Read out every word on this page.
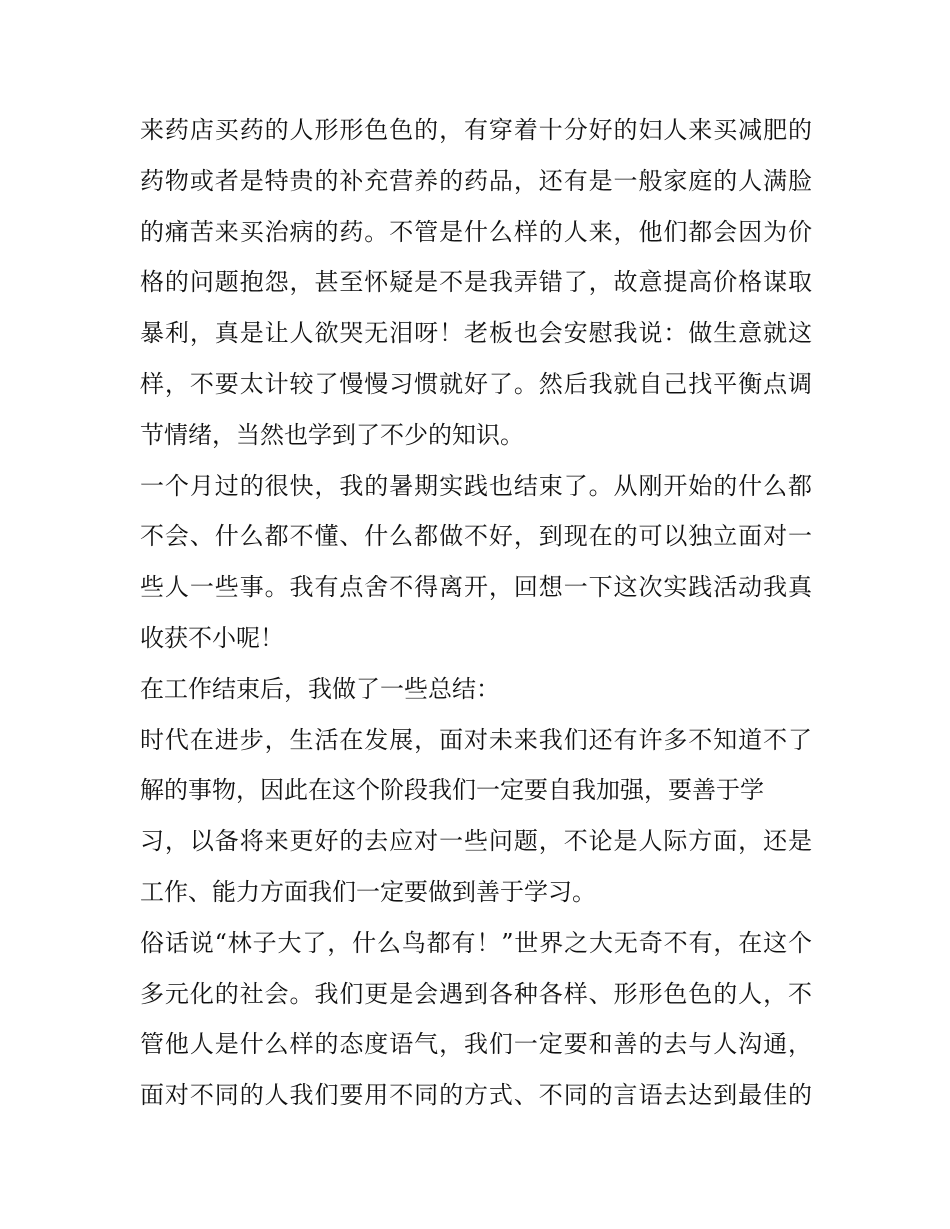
来药店买药的人形形色色的，有穿着十分好的妇人来买减肥的
药物或者是特贵的补充营养的药品，还有是一般家庭的人满脸
的痛苦来买治病的药。不管是什么样的人来，他们都会因为价
格的问题抱怨，甚至怀疑是不是我弄错了，故意提高价格谋取
暴利，真是让人欲哭无泪呀！老板也会安慰我说：做生意就这
样，不要太计较了慢慢习惯就好了。然后我就自己找平衡点调
节情绪，当然也学到了不少的知识。
一个月过的很快，我的暑期实践也结束了。从刚开始的什么都
不会、什么都不懂、什么都做不好，到现在的可以独立面对一
些人一些事。我有点舍不得离开，回想一下这次实践活动我真
收获不小呢！
在工作结束后，我做了一些总结：
时代在进步，生活在发展，面对未来我们还有许多不知道不了
解的事物，因此在这个阶段我们一定要自我加强，要善于学
习，以备将来更好的去应对一些问题，不论是人际方面，还是
工作、能力方面我们一定要做到善于学习。
俗话说“林子大了，什么鸟都有！”世界之大无奇不有，在这个
多元化的社会。我们更是会遇到各种各样、形形色色的人，不
管他人是什么样的态度语气，我们一定要和善的去与人沟通，
面对不同的人我们要用不同的方式、不同的言语去达到最佳的
